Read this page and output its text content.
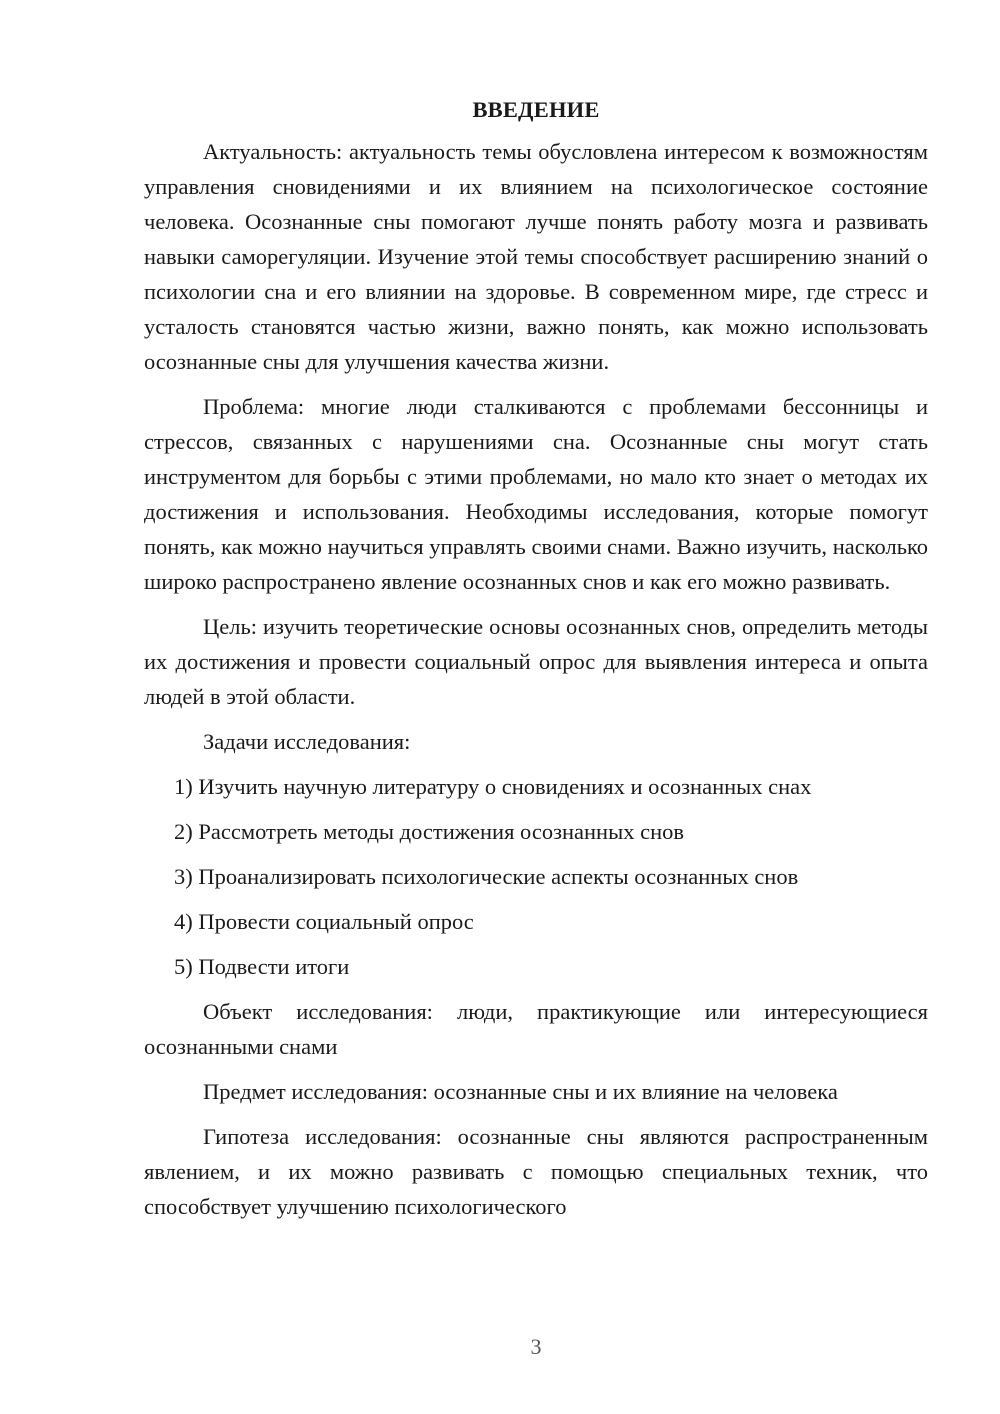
ВВЕДЕНИЕ

Актуальность: актуальность темы обусловлена интересом к возможностям управления сновидениями и их влиянием на психологическое состояние человека. Осознанные сны помогают лучше понять работу мозга и развивать навыки саморегуляции. Изучение этой темы способствует расширению знаний о психологии сна и его влиянии на здоровье. В современном мире, где стресс и усталость становятся частью жизни, важно понять, как можно использовать осознанные сны для улучшения качества жизни.

Проблема: многие люди сталкиваются с проблемами бессонницы и стрессов, связанных с нарушениями сна. Осознанные сны могут стать инструментом для борьбы с этими проблемами, но мало кто знает о методах их достижения и использования. Необходимы исследования, которые помогут понять, как можно научиться управлять своими снами. Важно изучить, насколько широко распространено явление осознанных снов и как его можно развивать.

Цель: изучить теоретические основы осознанных снов, определить методы их достижения и провести социальный опрос для выявления интереса и опыта людей в этой области.

Задачи исследования:

1) Изучить научную литературу о сновидениях и осознанных снах
2) Рассмотреть методы достижения осознанных снов
3) Проанализировать психологические аспекты осознанных снов
4) Провести социальный опрос
5) Подвести итоги

Объект исследования: люди, практикующие или интересующиеся осознанными снами

Предмет исследования: осознанные сны и их влияние на человека

Гипотеза исследования: осознанные сны являются распространенным явлением, и их можно развивать с помощью специальных техник, что способствует улучшению психологического

3
